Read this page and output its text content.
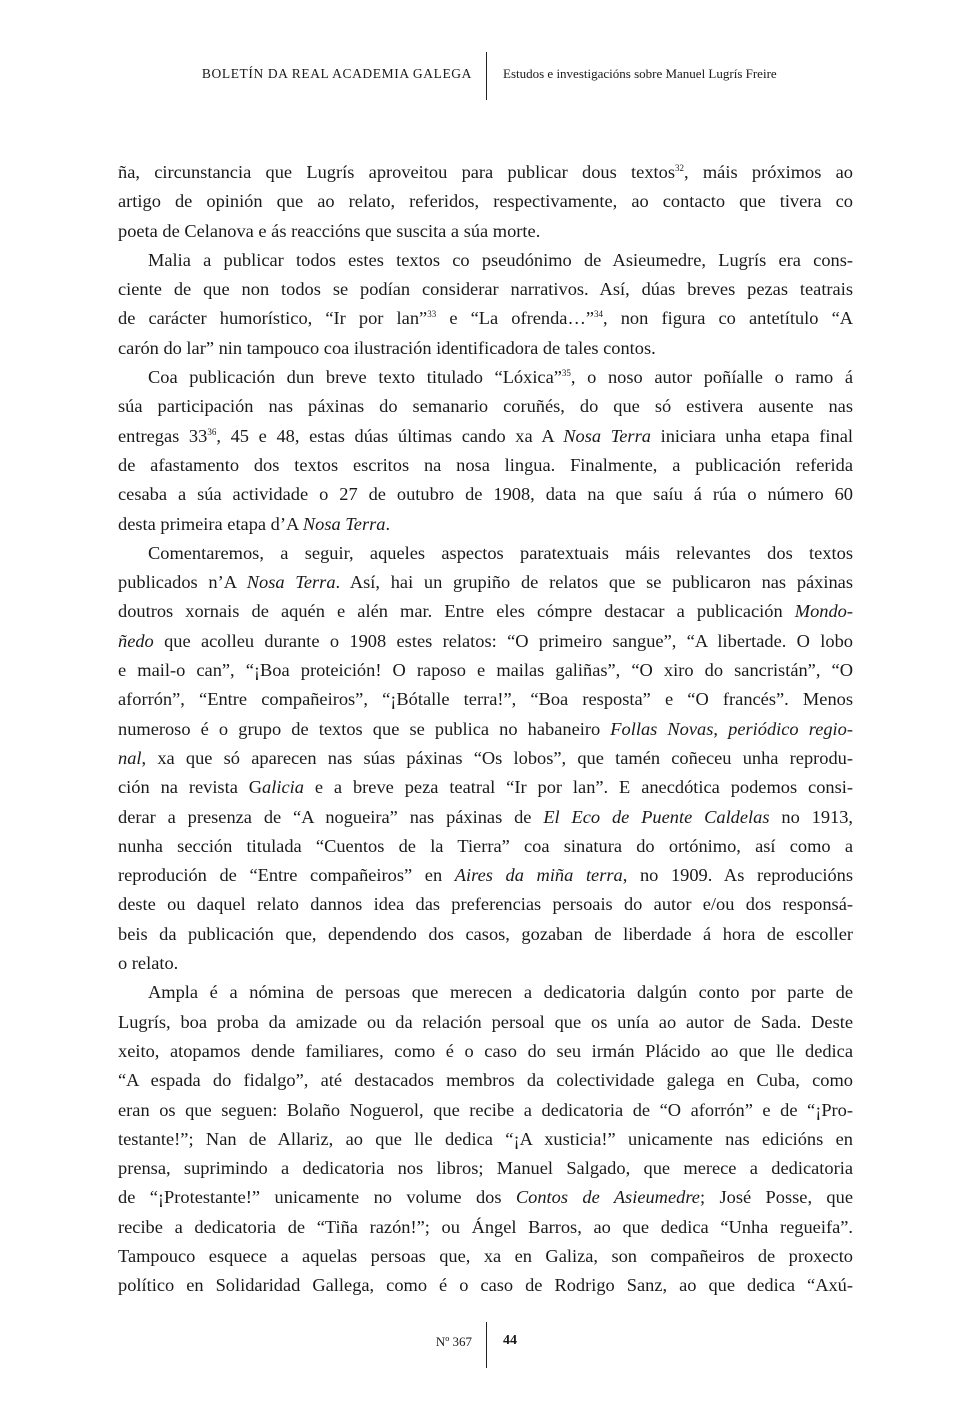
BOLETÍN DA REAL ACADEMIA GALEGA Estudos e investigacións sobre Manuel Lugrís Freire
ña, circunstancia que Lugrís aproveitou para publicar dous textos$^{32}$, máis próximos ao
artigo de opinión que ao relato, referidos, respectivamente, ao contacto que tivera co
poeta de Celanova e ás reaccións que suscita a súa morte.
Malia a publicar todos estes textos co pseudónimo de Asieumedre, Lugrís era cons-
ciente de que non todos se podían considerar narrativos. Así, dúas breves pezas teatrais
de carácter humorístico, “Ir por lan”$^{33}$ e “La ofrenda…”$^{34}$, non figura co antetítulo “A
carón do lar” nin tampouco coa ilustración identificadora de tales contos.
Coa publicación dun breve texto titulado “Lóxica”$^{35}$, o noso autor poñíalle o ramo á
súa participación nas páxinas do semanario coruñés, do que só estivera ausente nas
entregas $33^{36}$, 45 e 48, estas dúas últimas cando xa A Nosa Terra iniciara unha etapa final
de afastamento dos textos escritos na nosa lingua. Finalmente, a publicación referida
cesaba a súa actividade o 27 de outubro de 1908, data na que saíu á rúa o número 60
desta primeira etapa d’A Nosa Terra.
Comentaremos, a seguir, aqueles aspectos paratextuais máis relevantes dos textos
publicados n’A Nosa Terra. Así, hai un grupiño de relatos que se publicaron nas páxinas
doutros xornais de aquén e alén mar. Entre eles cómpre destacar a publicación Mondo-
ñedo que acolleu durante o 1908 estes relatos: “O primeiro sangue”, “A libertade. O lobo
e mail-o can”, “¡Boa proteición! O raposo e mailas galiñas”, “O xiro do sancristán”, “O
aforrón”, “Entre compañeiros”, “¡Bótalle terra!”, “Boa resposta” e “O francés”. Menos
numeroso é o grupo de textos que se publica no habaneiro Follas Novas, periódico regio-
nal, xa que só aparecen nas súas páxinas “Os lobos”, que tamén coñeceu unha reprodu-
ción na revista Galicia e a breve peza teatral “Ir por lan”. E anecdótica podemos consi-
derar a presenza de “A nogueira” nas páxinas de El Eco de Puente Caldelas no 1913,
nunha sección titulada “Cuentos de la Tierra” coa sinatura do ortónimo, así como a
reprodución de “Entre compañeiros” en Aires da miña terra, no 1909. As reproducións
deste ou daquel relato dannos idea das preferencias persoais do autor e/ou dos responsá-
beis da publicación que, dependendo dos casos, gozaban de liberdade á hora de escoller
o relato.
Ampla é a nómina de persoas que merecen a dedicatoria dalgún conto por parte de
Lugrís, boa proba da amizade ou da relación persoal que os unía ao autor de Sada. Deste
xeito, atopamos dende familiares, como é o caso do seu irmán Plácido ao que lle dedica
“A espada do fidalgo”, até destacados membros da colectividade galega en Cuba, como
eran os que seguen: Bolaño Noguerol, que recibe a dedicatoria de “O aforrón” e de “¡Pro-
testante!”; Nan de Allariz, ao que lle dedica “¡A xusticia!” unicamente nas edicións en
prensa, suprimindo a dedicatoria nos libros; Manuel Salgado, que merece a dedicatoria
de “¡Protestante!” unicamente no volume dos Contos de Asieumedre; José Posse, que
recibe a dedicatoria de “Tiña razón!”; ou Ángel Barros, ao que dedica “Unha regueifa”.
Tampouco esquece a aquelas persoas que, xa en Galiza, son compañeiros de proxecto
político en Solidaridad Gallega, como é o caso de Rodrigo Sanz, ao que dedica “Axú-
Nº 367 44
